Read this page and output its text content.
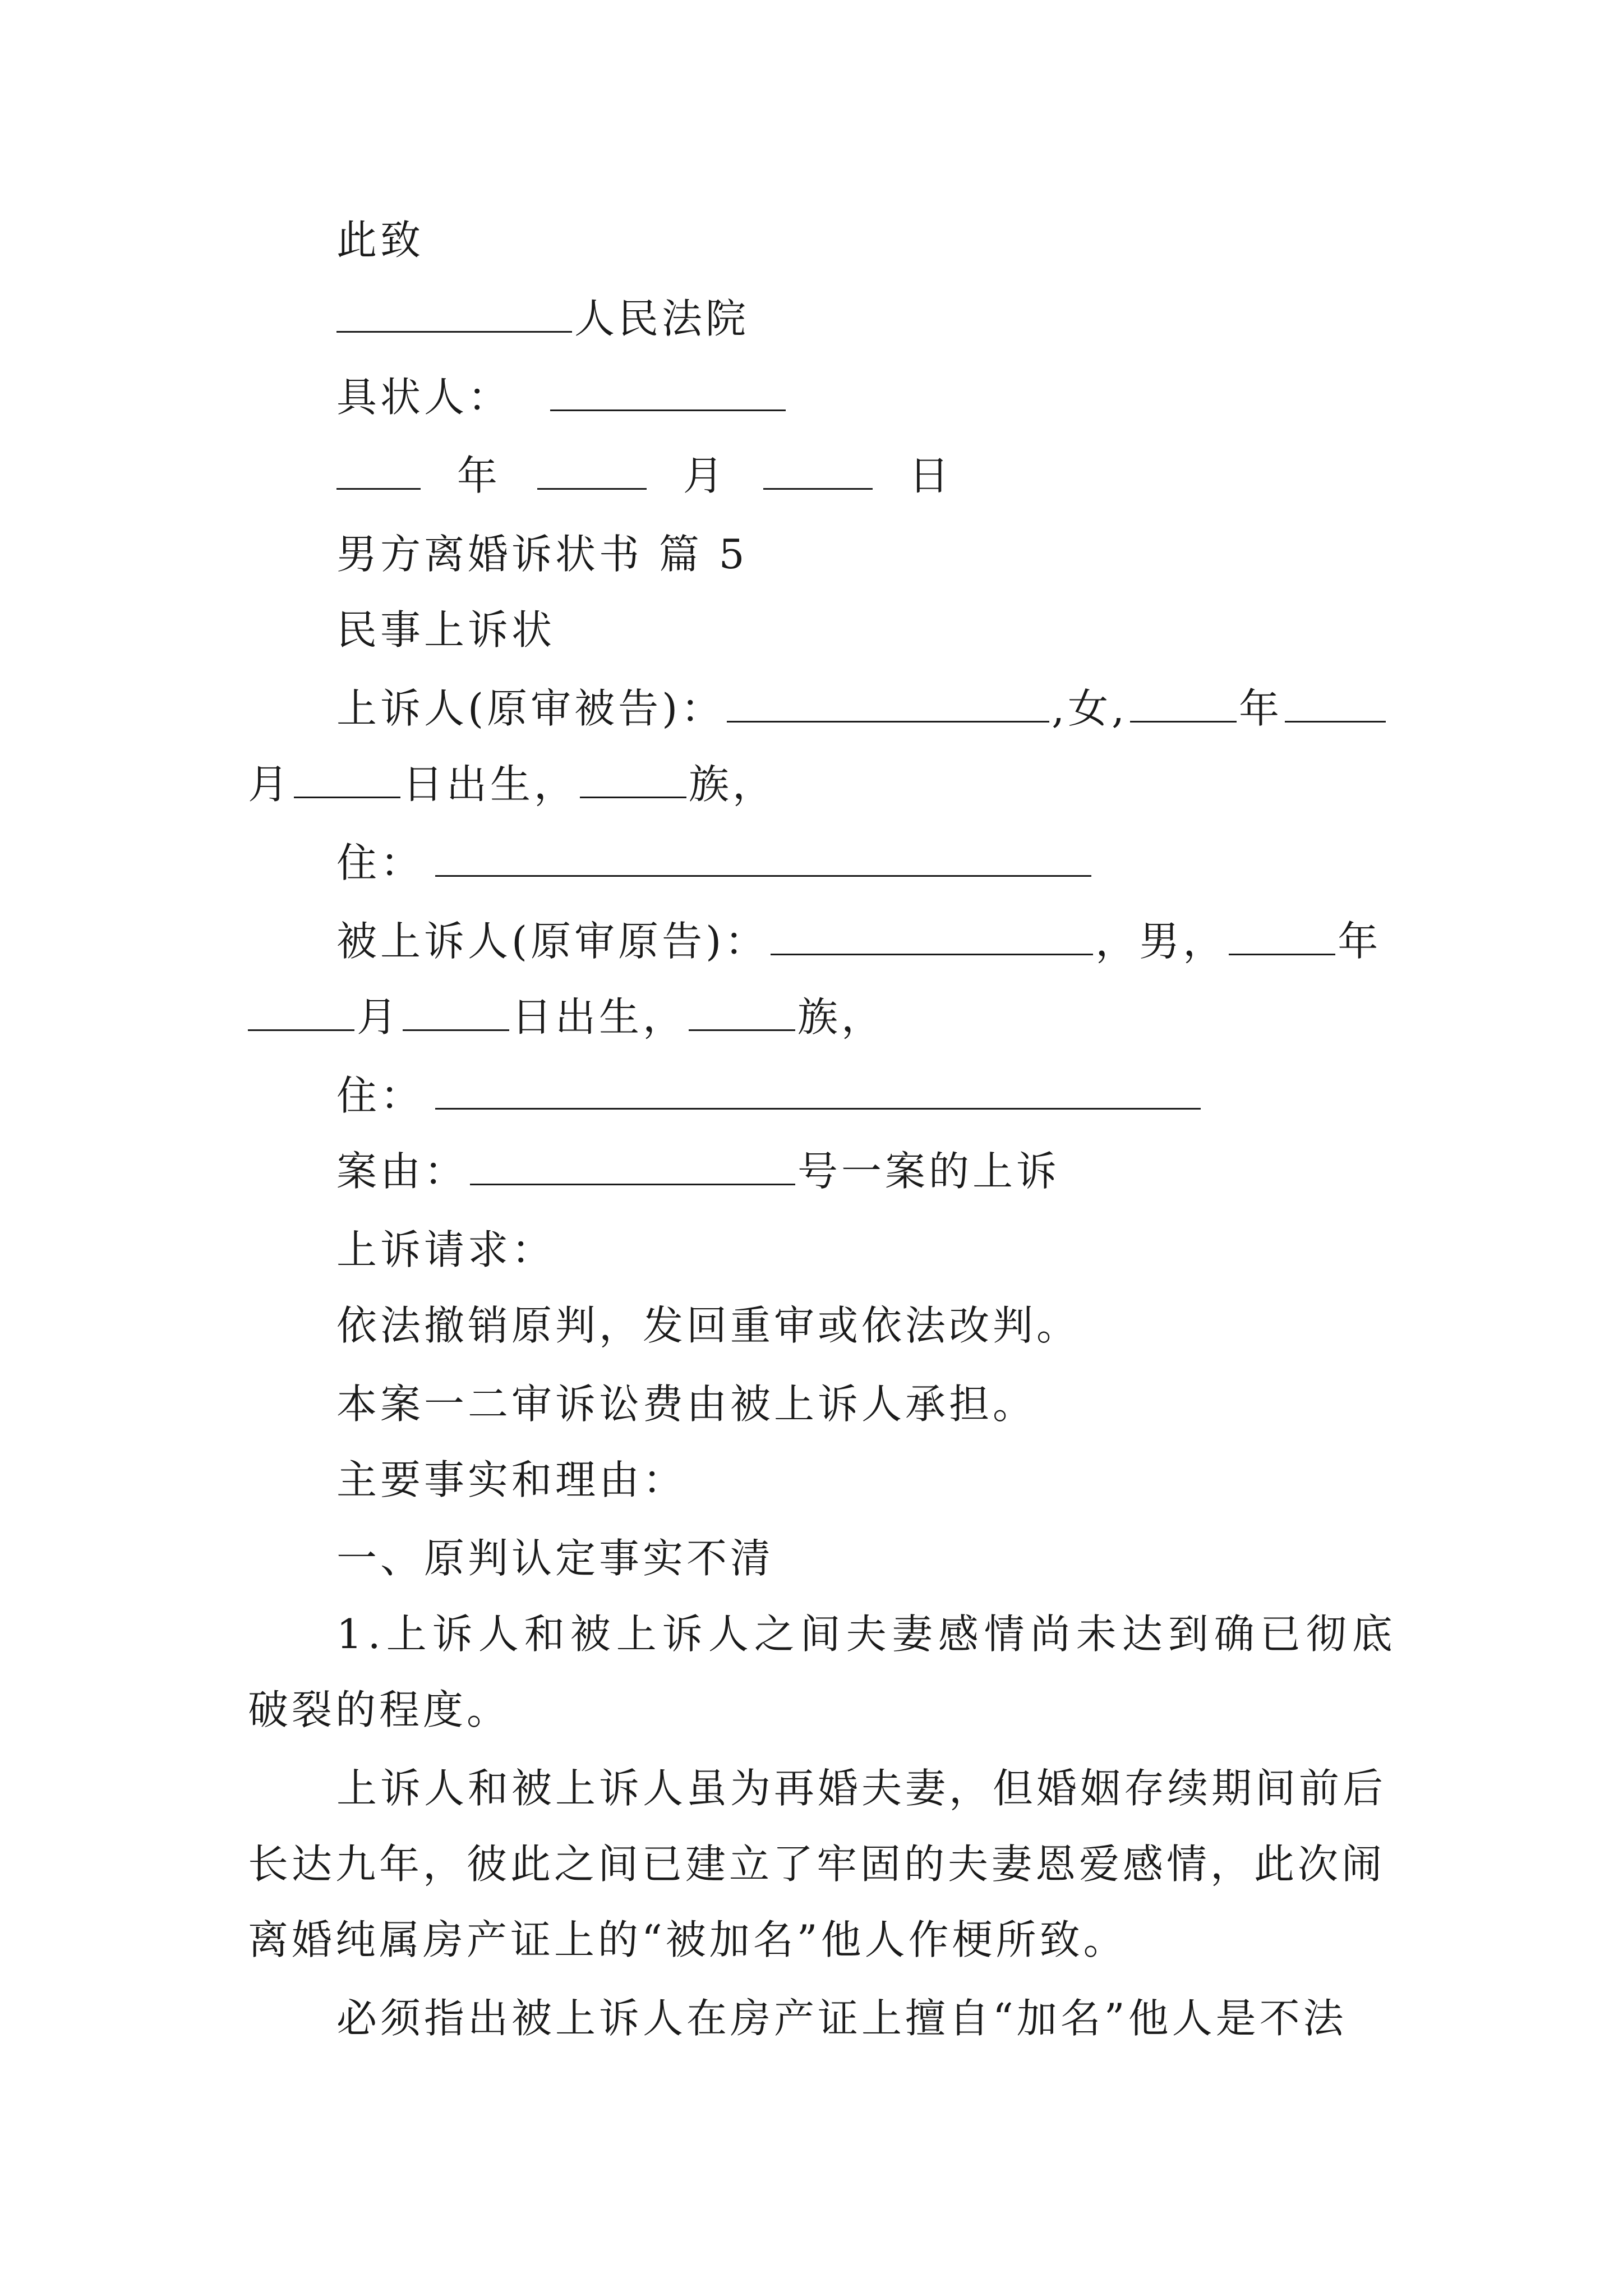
此致
人民法院
具状人：
年	月	日
男方离婚诉状书 篇 5
民事上诉状
上诉人(原审被告)：	,女,	年
月	日出生，	族，
住：
被上诉人(原审原告)：	，男，	年
月	日出生，	族，
住：
案由：	号一案的上诉
上诉请求：
依法撤销原判，发回重审或依法改判。
本案一二审诉讼费由被上诉人承担。
主要事实和理由：
一、原判认定事实不清
1.上诉人和被上诉人之间夫妻感情尚未达到确已彻底
破裂的程度。
上诉人和被上诉人虽为再婚夫妻，但婚姻存续期间前后
长达九年，彼此之间已建立了牢固的夫妻恩爱感情，此次闹
离婚纯属房产证上的“被加名”他人作梗所致。
必须指出被上诉人在房产证上擅自“加名”他人是不法
